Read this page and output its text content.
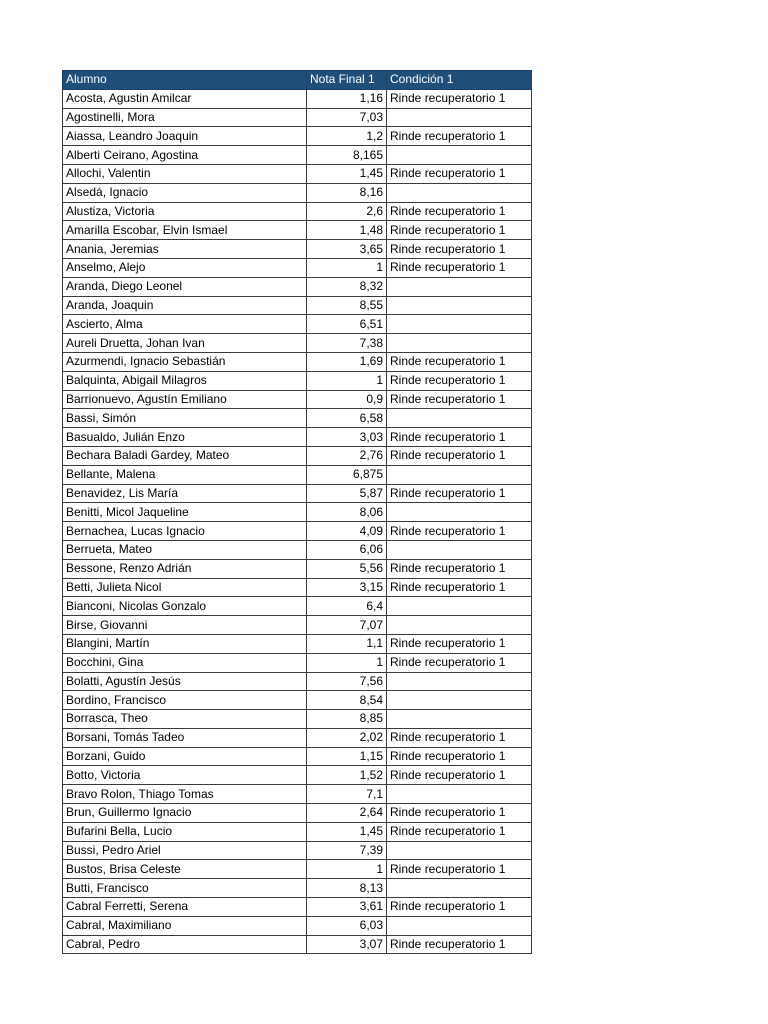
Alumno	Nota Final 1	Condición 1
Acosta, Agustin Amilcar	1,16	Rinde recuperatorio 1
Agostinelli, Mora	7,03	
Aiassa, Leandro Joaquin	1,2	Rinde recuperatorio 1
Alberti Ceirano, Agostina	8,165	
Allochi, Valentin	1,45	Rinde recuperatorio 1
Alsedá, Ignacio	8,16	
Alustiza, Victoria	2,6	Rinde recuperatorio 1
Amarilla Escobar, Elvin Ismael	1,48	Rinde recuperatorio 1
Anania, Jeremias	3,65	Rinde recuperatorio 1
Anselmo, Alejo	1	Rinde recuperatorio 1
Aranda, Diego Leonel	8,32	
Aranda, Joaquin	8,55	
Ascierto, Alma	6,51	
Aureli Druetta, Johan Ivan	7,38	
Azurmendi, Ignacio Sebastián	1,69	Rinde recuperatorio 1
Balquinta, Abigail Milagros	1	Rinde recuperatorio 1
Barrionuevo, Agustín Emiliano	0,9	Rinde recuperatorio 1
Bassi, Simón	6,58	
Basualdo, Julián Enzo	3,03	Rinde recuperatorio 1
Bechara Baladi Gardey, Mateo	2,76	Rinde recuperatorio 1
Bellante, Malena	6,875	
Benavidez, Lis María	5,87	Rinde recuperatorio 1
Benitti, Micol Jaqueline	8,06	
Bernachea, Lucas Ignacio	4,09	Rinde recuperatorio 1
Berrueta, Mateo	6,06	
Bessone, Renzo Adrián	5,56	Rinde recuperatorio 1
Betti, Julieta Nicol	3,15	Rinde recuperatorio 1
Bianconi, Nicolas Gonzalo	6,4	
Birse, Giovanni	7,07	
Blangini, Martín	1,1	Rinde recuperatorio 1
Bocchini, Gina	1	Rinde recuperatorio 1
Bolatti, Agustín Jesús	7,56	
Bordino, Francisco	8,54	
Borrasca, Theo	8,85	
Borsani, Tomás Tadeo	2,02	Rinde recuperatorio 1
Borzani, Guido	1,15	Rinde recuperatorio 1
Botto, Victoria	1,52	Rinde recuperatorio 1
Bravo Rolon, Thiago Tomas	7,1	
Brun, Guillermo Ignacio	2,64	Rinde recuperatorio 1
Bufarini Bella, Lucio	1,45	Rinde recuperatorio 1
Bussi, Pedro Ariel	7,39	
Bustos, Brisa Celeste	1	Rinde recuperatorio 1
Butti, Francisco	8,13	
Cabral Ferretti, Serena	3,61	Rinde recuperatorio 1
Cabral, Maximiliano	6,03	
Cabral, Pedro	3,07	Rinde recuperatorio 1
